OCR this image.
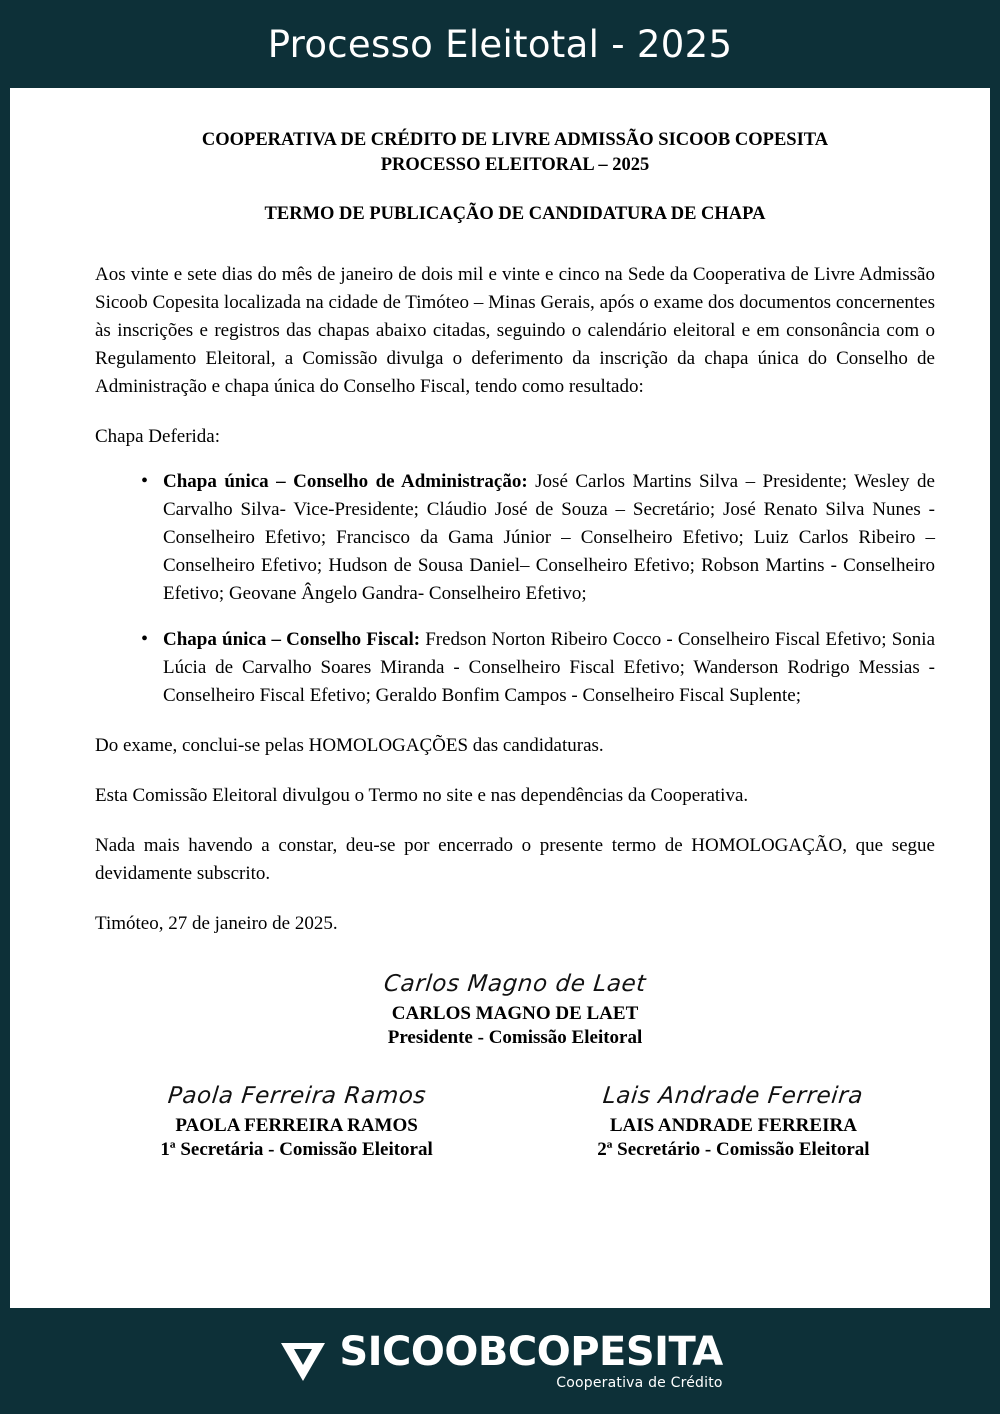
Processo Eleitotal - 2025
COOPERATIVA DE CRÉDITO DE LIVRE ADMISSÃO SICOOB COPESITA
PROCESSO ELEITORAL – 2025
TERMO DE PUBLICAÇÃO DE CANDIDATURA DE CHAPA

Aos vinte e sete dias do mês de janeiro de dois mil e vinte e cinco na Sede da Cooperativa de Livre Admissão Sicoob Copesita localizada na cidade de Timóteo – Minas Gerais, após o exame dos documentos concernentes às inscrições e registros das chapas abaixo citadas, seguindo o calendário eleitoral e em consonância com o Regulamento Eleitoral, a Comissão divulga o deferimento da inscrição da chapa única do Conselho de Administração e chapa única do Conselho Fiscal, tendo como resultado:

Chapa Deferida:

• Chapa única – Conselho de Administração: José Carlos Martins Silva – Presidente; Wesley de Carvalho Silva- Vice-Presidente; Cláudio José de Souza – Secretário; José Renato Silva Nunes - Conselheiro Efetivo; Francisco da Gama Júnior – Conselheiro Efetivo; Luiz Carlos Ribeiro – Conselheiro Efetivo; Hudson de Sousa Daniel– Conselheiro Efetivo; Robson Martins - Conselheiro Efetivo; Geovane Ângelo Gandra- Conselheiro Efetivo;
• Chapa única – Conselho Fiscal: Fredson Norton Ribeiro Cocco - Conselheiro Fiscal Efetivo; Sonia Lúcia de Carvalho Soares Miranda - Conselheiro Fiscal Efetivo; Wanderson Rodrigo Messias - Conselheiro Fiscal Efetivo; Geraldo Bonfim Campos - Conselheiro Fiscal Suplente;

Do exame, conclui-se pelas HOMOLOGAÇÕES das candidaturas.

Esta Comissão Eleitoral divulgou o Termo no site e nas dependências da Cooperativa.

Nada mais havendo a constar, deu-se por encerrado o presente termo de HOMOLOGAÇÃO, que segue devidamente subscrito.

Timóteo, 27 de janeiro de 2025.

Carlos Magno de Laet
CARLOS MAGNO DE LAET
Presidente - Comissão Eleitoral
Paola Ferreira Ramos
PAOLA FERREIRA RAMOS
1ª Secretária - Comissão Eleitoral
Lais Andrade Ferreira
LAIS ANDRADE FERREIRA
2ª Secretário - Comissão Eleitoral
SICOOBCOPESITA
Cooperativa de Crédito
